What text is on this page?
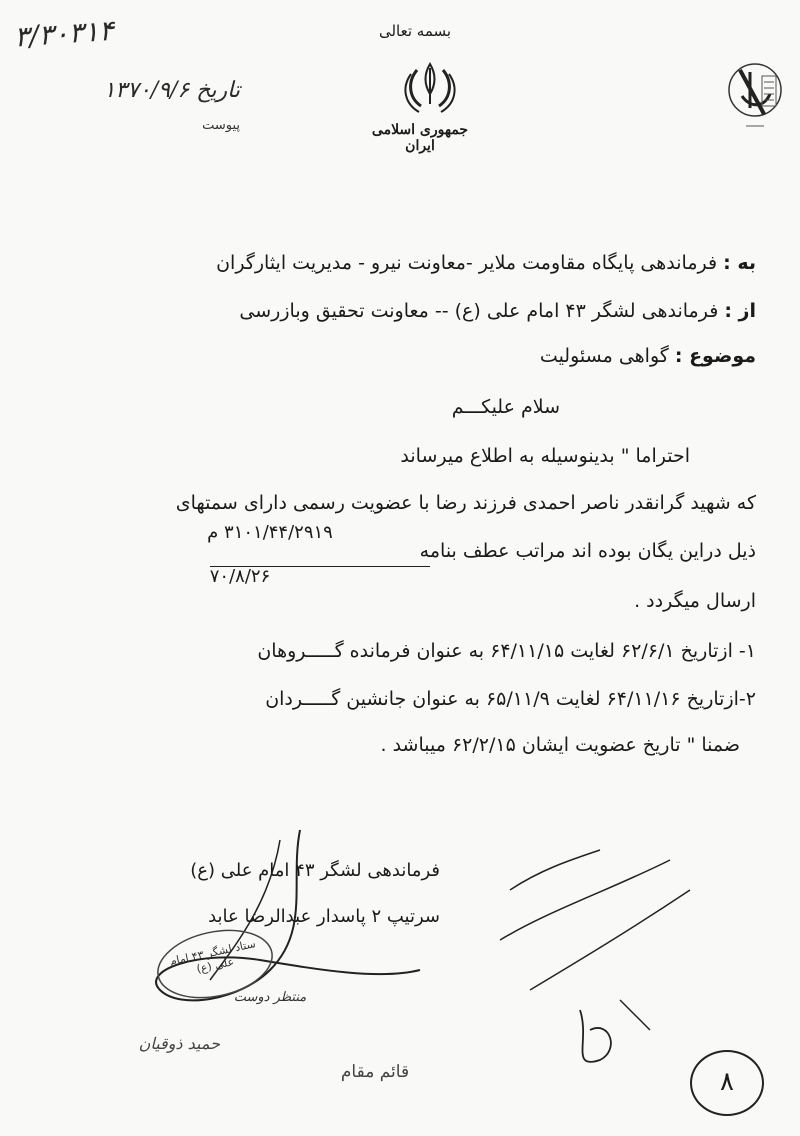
بسمه تعالی
جمهوری اسلامی ایران
۳/۳۰۳۱۴
تاریخ ۱۳۷۰/۹/۶
پیوست
به : فرماندهی پایگاه مقاومت ملایر -معاونت نیرو - مدیریت ایثارگران
از : فرماندهی لشگر ۴۳ امام علی (ع) -- معاونت تحقیق وبازرسی
موضوع : گواهی مسئولیت
سلام علیکـــم
احتراما " بدینوسیله به اطلاع میرساند
که شهید گرانقدر ناصر احمدی فرزند رضا با عضویت رسمی دارای سمتهای
۳۱۰۱/۴۴/۲۹۱۹ م
ذیل دراین یگان بوده اند مراتب عطف بنامه
۷۰/۸/۲۶
ارسال میگردد .
۱- ازتاریخ ۶۲/۶/۱ لغایت ۶۴/۱۱/۱۵ به عنوان فرمانده گـــــروهان
۲-ازتاریخ ۶۴/۱۱/۱۶ لغایت ۶۵/۱۱/۹ به عنوان جانشین گـــــردان
ضمنا " تاریخ عضویت ایشان ۶۲/۲/۱۵ میباشد .
فرماندهی لشگر ۴۳ امام علی (ع)
سرتیپ ۲ پاسدار عبدالرضا عابد
ستاد لشگر ۴۳ امام علی (ع)
منتظر دوست
حمید ذوقیان
قائم مقام	۸
